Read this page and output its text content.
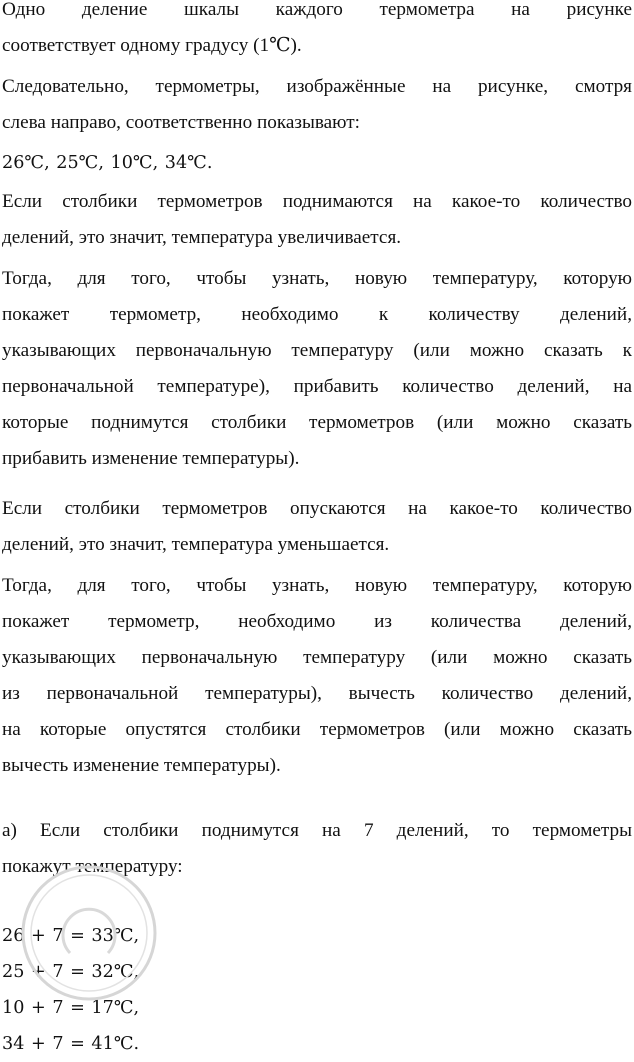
Одно деление шкалы каждого термометра на рисунке
соответствует одному градусу (1℃).
Следовательно, термометры, изображённые на рисунке, смотря
слева направо, соответственно показывают:
26℃, 25℃, 10℃, 34℃.
Если столбики термометров поднимаются на какое-то количество
делений, это значит, температура увеличивается.
Тогда, для того, чтобы узнать, новую температуру, которую
покажет термометр, необходимо к количеству делений,
указывающих первоначальную температуру (или можно сказать к
первоначальной температуре), прибавить количество делений, на
которые поднимутся столбики термометров (или можно сказать
прибавить изменение температуры).
Если столбики термометров опускаются на какое-то количество
делений, это значит, температура уменьшается.
Тогда, для того, чтобы узнать, новую температуру, которую
покажет термометр, необходимо из количества делений,
указывающих первоначальную температуру (или можно сказать
из первоначальной температуры), вычесть количество делений,
на которые опустятся столбики термометров (или можно сказать
вычесть изменение температуры).
а) Если столбики поднимутся на 7 делений, то термометры
покажут температуру:
26 + 7 = 33℃,
25 + 7 = 32℃,
10 + 7 = 17℃,
34 + 7 = 41℃.
